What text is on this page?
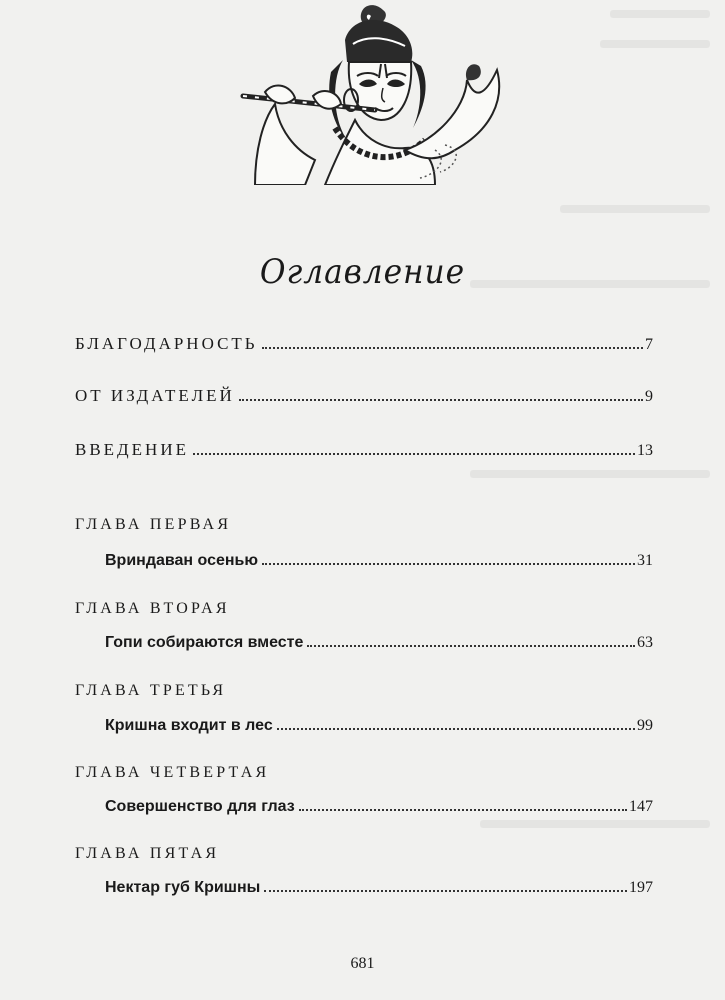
Оглавление
БЛАГОДАРНОСТЬ	7
ОТ ИЗДАТЕЛЕЙ	9
ВВЕДЕНИЕ	13
ГЛАВА ПЕРВАЯ
Вриндаван осенью	31
ГЛАВА ВТОРАЯ
Гопи собираются вместе	63
ГЛАВА ТРЕТЬЯ
Кришна входит в лес	99
ГЛАВА ЧЕТВЕРТАЯ
Совершенство для глаз	147
ГЛАВА ПЯТАЯ
Нектар губ Кришны	197
681
